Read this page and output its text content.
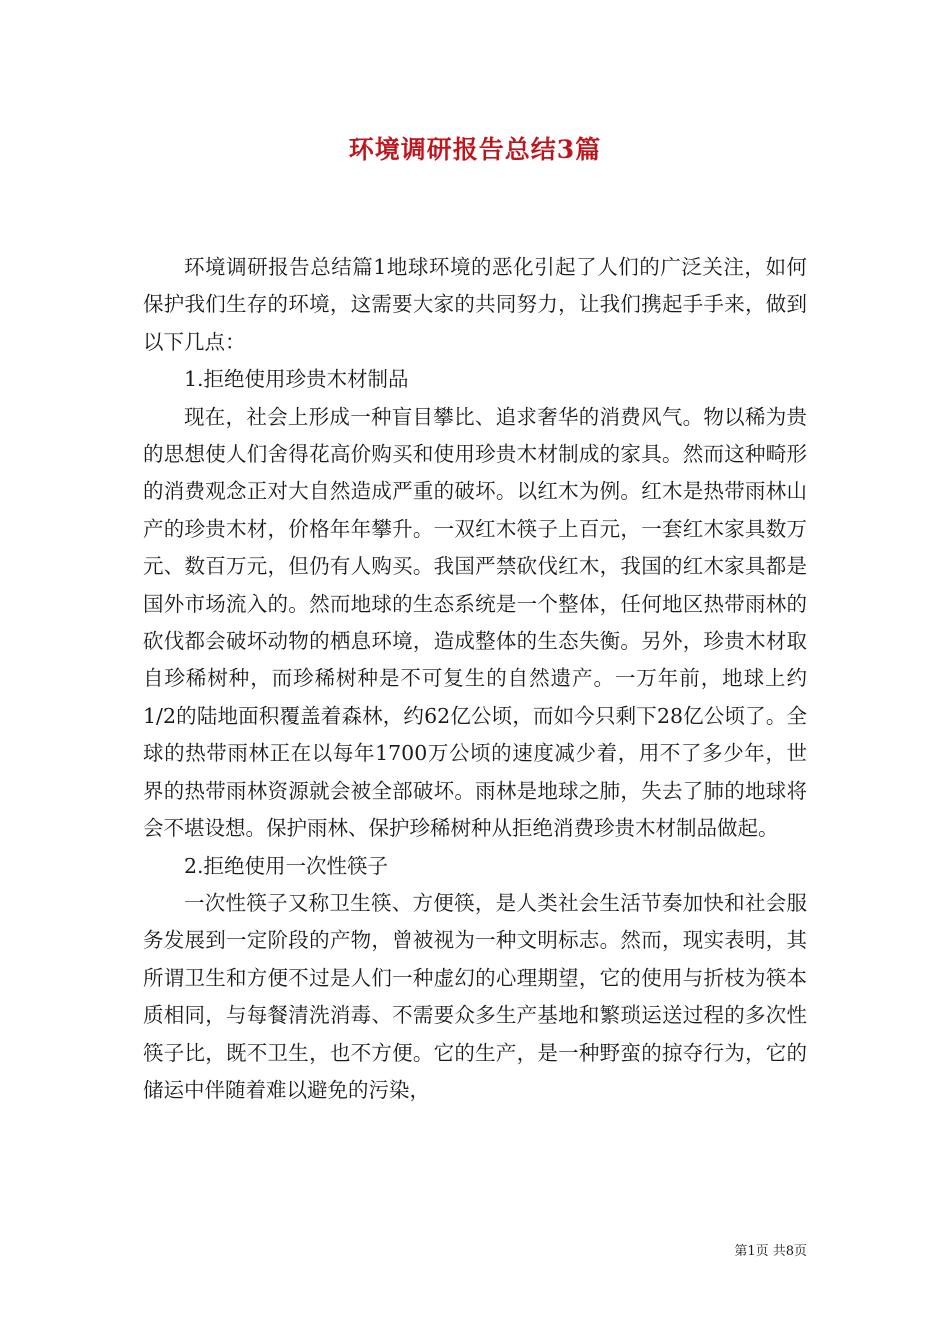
环境调研报告总结3篇

环境调研报告总结篇1地球环境的恶化引起了人们的广泛关注，如何保护我们生存的环境，这需要大家的共同努力，让我们携起手手来，做到以下几点：

1.拒绝使用珍贵木材制品

现在，社会上形成一种盲目攀比、追求奢华的消费风气。物以稀为贵的思想使人们舍得花高价购买和使用珍贵木材制成的家具。然而这种畸形的消费观念正对大自然造成严重的破坏。以红木为例。红木是热带雨林山产的珍贵木材，价格年年攀升。一双红木筷子上百元，一套红木家具数万元、数百万元，但仍有人购买。我国严禁砍伐红木，我国的红木家具都是国外市场流入的。然而地球的生态系统是一个整体，任何地区热带雨林的砍伐都会破坏动物的栖息环境，造成整体的生态失衡。另外，珍贵木材取自珍稀树种，而珍稀树种是不可复生的自然遗产。一万年前，地球上约1/2的陆地面积覆盖着森林，约62亿公顷，而如今只剩下28亿公顷了。全球的热带雨林正在以每年1700万公顷的速度减少着，用不了多少年，世界的热带雨林资源就会被全部破坏。雨林是地球之肺，失去了肺的地球将会不堪设想。保护雨林、保护珍稀树种从拒绝消费珍贵木材制品做起。

2.拒绝使用一次性筷子

一次性筷子又称卫生筷、方便筷，是人类社会生活节奏加快和社会服务发展到一定阶段的产物，曾被视为一种文明标志。然而，现实表明，其所谓卫生和方便不过是人们一种虚幻的心理期望，它的使用与折枝为筷本质相同，与每餐清洗消毒、不需要众多生产基地和繁琐运送过程的多次性筷子比，既不卫生，也不方便。它的生产，是一种野蛮的掠夺行为，它的储运中伴随着难以避免的污染，

第1页 共8页
